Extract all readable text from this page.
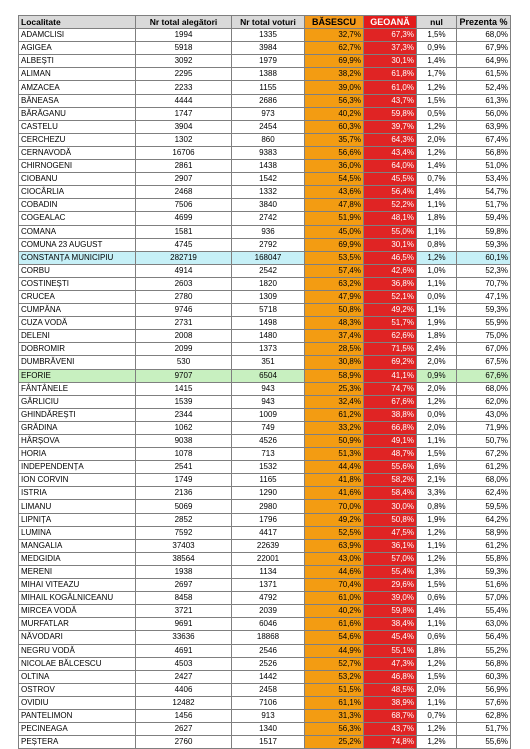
Localitate	Nr total alegători	Nr total voturi	BĂSESCU	GEOANĂ	nul	Prezenta %
ADAMCLISI	1994	1335	32,7%	67,3%	1,5%	68,0%
AGIGEA	5918	3984	62,7%	37,3%	0,9%	67,9%
ALBEȘTI	3092	1979	69,9%	30,1%	1,4%	64,9%
ALIMAN	2295	1388	38,2%	61,8%	1,7%	61,5%
AMZACEA	2233	1155	39,0%	61,0%	1,2%	52,4%
BĂNEASA	4444	2686	56,3%	43,7%	1,5%	61,3%
BĂRĂGANU	1747	973	40,2%	59,8%	0,5%	56,0%
CASTELU	3904	2454	60,3%	39,7%	1,2%	63,9%
CERCHEZU	1302	860	35,7%	64,3%	2,0%	67,4%
CERNAVODĂ	16706	9383	56,6%	43,4%	1,2%	56,8%
CHIRNOGENI	2861	1438	36,0%	64,0%	1,4%	51,0%
CIOBANU	2907	1542	54,5%	45,5%	0,7%	53,4%
CIOCÂRLIA	2468	1332	43,6%	56,4%	1,4%	54,7%
COBADIN	7506	3840	47,8%	52,2%	1,1%	51,7%
COGEALAC	4699	2742	51,9%	48,1%	1,8%	59,4%
COMANA	1581	936	45,0%	55,0%	1,1%	59,8%
COMUNA 23 AUGUST	4745	2792	69,9%	30,1%	0,8%	59,3%
CONSTANȚA MUNICIPIU	282719	168047	53,5%	46,5%	1,2%	60,1%
CORBU	4914	2542	57,4%	42,6%	1,0%	52,3%
COSTINEȘTI	2603	1820	63,2%	36,8%	1,1%	70,7%
CRUCEA	2780	1309	47,9%	52,1%	0,0%	47,1%
CUMPĂNA	9746	5718	50,8%	49,2%	1,1%	59,3%
CUZA VODĂ	2731	1498	48,3%	51,7%	1,9%	55,9%
DELENI	2008	1480	37,4%	62,6%	1,8%	75,0%
DOBROMIR	2099	1373	28,5%	71,5%	2,4%	67,0%
DUMBRĂVENI	530	351	30,8%	69,2%	2,0%	67,5%
EFORIE	9707	6504	58,9%	41,1%	0,9%	67,6%
FÂNTÂNELE	1415	943	25,3%	74,7%	2,0%	68,0%
GÂRLICIU	1539	943	32,4%	67,6%	1,2%	62,0%
GHINDĂREȘTI	2344	1009	61,2%	38,8%	0,0%	43,0%
GRĂDINA	1062	749	33,2%	66,8%	2,0%	71,9%
HÂRȘOVA	9038	4526	50,9%	49,1%	1,1%	50,7%
HORIA	1078	713	51,3%	48,7%	1,5%	67,2%
INDEPENDENȚA	2541	1532	44,4%	55,6%	1,6%	61,2%
ION CORVIN	1749	1165	41,8%	58,2%	2,1%	68,0%
ISTRIA	2136	1290	41,6%	58,4%	3,3%	62,4%
LIMANU	5069	2980	70,0%	30,0%	0,8%	59,5%
LIPNIȚA	2852	1796	49,2%	50,8%	1,9%	64,2%
LUMINA	7592	4417	52,5%	47,5%	1,2%	58,9%
MANGALIA	37403	22639	63,9%	36,1%	1,1%	61,2%
MEDGIDIA	38564	22001	43,0%	57,0%	1,2%	55,8%
MERENI	1938	1134	44,6%	55,4%	1,3%	59,3%
MIHAI VITEAZU	2697	1371	70,4%	29,6%	1,5%	51,6%
MIHAIL KOGĂLNICEANU	8458	4792	61,0%	39,0%	0,6%	57,0%
MIRCEA VODĂ	3721	2039	40,2%	59,8%	1,4%	55,4%
MURFATLAR	9691	6046	61,6%	38,4%	1,1%	63,0%
NĂVODARI	33636	18868	54,6%	45,4%	0,6%	56,4%
NEGRU VODĂ	4691	2546	44,9%	55,1%	1,8%	55,2%
NICOLAE BĂLCESCU	4503	2526	52,7%	47,3%	1,2%	56,8%
OLTINA	2427	1442	53,2%	46,8%	1,5%	60,3%
OSTROV	4406	2458	51,5%	48,5%	2,0%	56,9%
OVIDIU	12482	7106	61,1%	38,9%	1,1%	57,6%
PANTELIMON	1456	913	31,3%	68,7%	0,7%	62,8%
PECINEAGA	2627	1340	56,3%	43,7%	1,2%	51,7%
PEȘTERA	2760	1517	25,2%	74,8%	1,2%	55,6%
